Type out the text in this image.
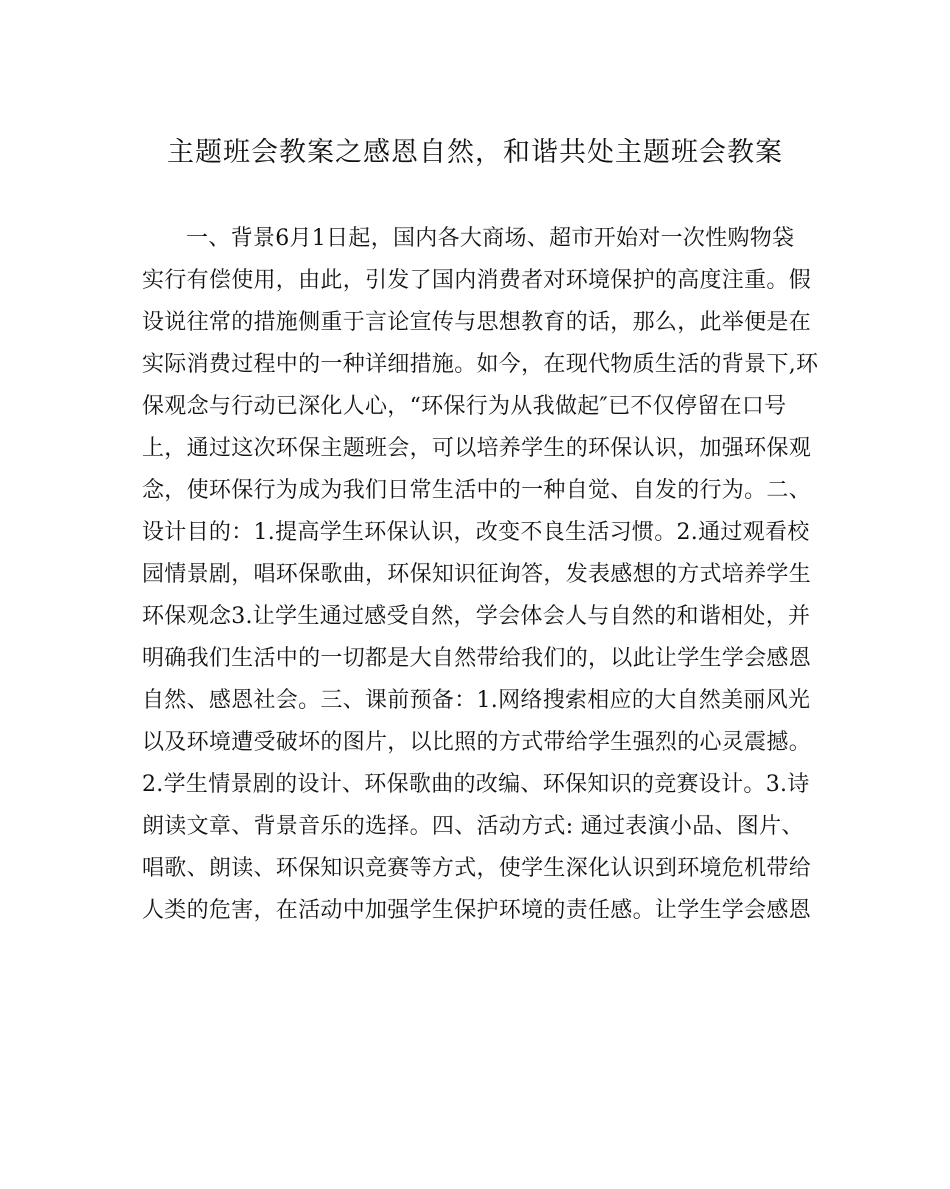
主题班会教案之感恩自然，和谐共处主题班会教案
一、背景6月1日起，国内各大商场、超市开始对一次性购物袋
实行有偿使用，由此，引发了国内消费者对环境保护的高度注重。假
设说往常的措施侧重于言论宣传与思想教育的话，那么，此举便是在
实际消费过程中的一种详细措施。如今，在现代物质生活的背景下,环
保观念与行动已深化人心，“环保行为从我做起″已不仅停留在口号
上，通过这次环保主题班会，可以培养学生的环保认识，加强环保观
念，使环保行为成为我们日常生活中的一种自觉、自发的行为。二、
设计目的：1.提高学生环保认识，改变不良生活习惯。2.通过观看校
园情景剧，唱环保歌曲，环保知识征询答，发表感想的方式培养学生
环保观念3.让学生通过感受自然，学会体会人与自然的和谐相处，并
明确我们生活中的一切都是大自然带给我们的，以此让学生学会感恩
自然、感恩社会。三、课前预备：1.网络搜索相应的大自然美丽风光
以及环境遭受破坏的图片，以比照的方式带给学生强烈的心灵震撼。
2.学生情景剧的设计、环保歌曲的改编、环保知识的竞赛设计。3.诗
朗读文章、背景音乐的选择。四、活动方式: 通过表演小品、图片、
唱歌、朗读、环保知识竞赛等方式，使学生深化认识到环境危机带给
人类的危害，在活动中加强学生保护环境的责任感。让学生学会感恩
